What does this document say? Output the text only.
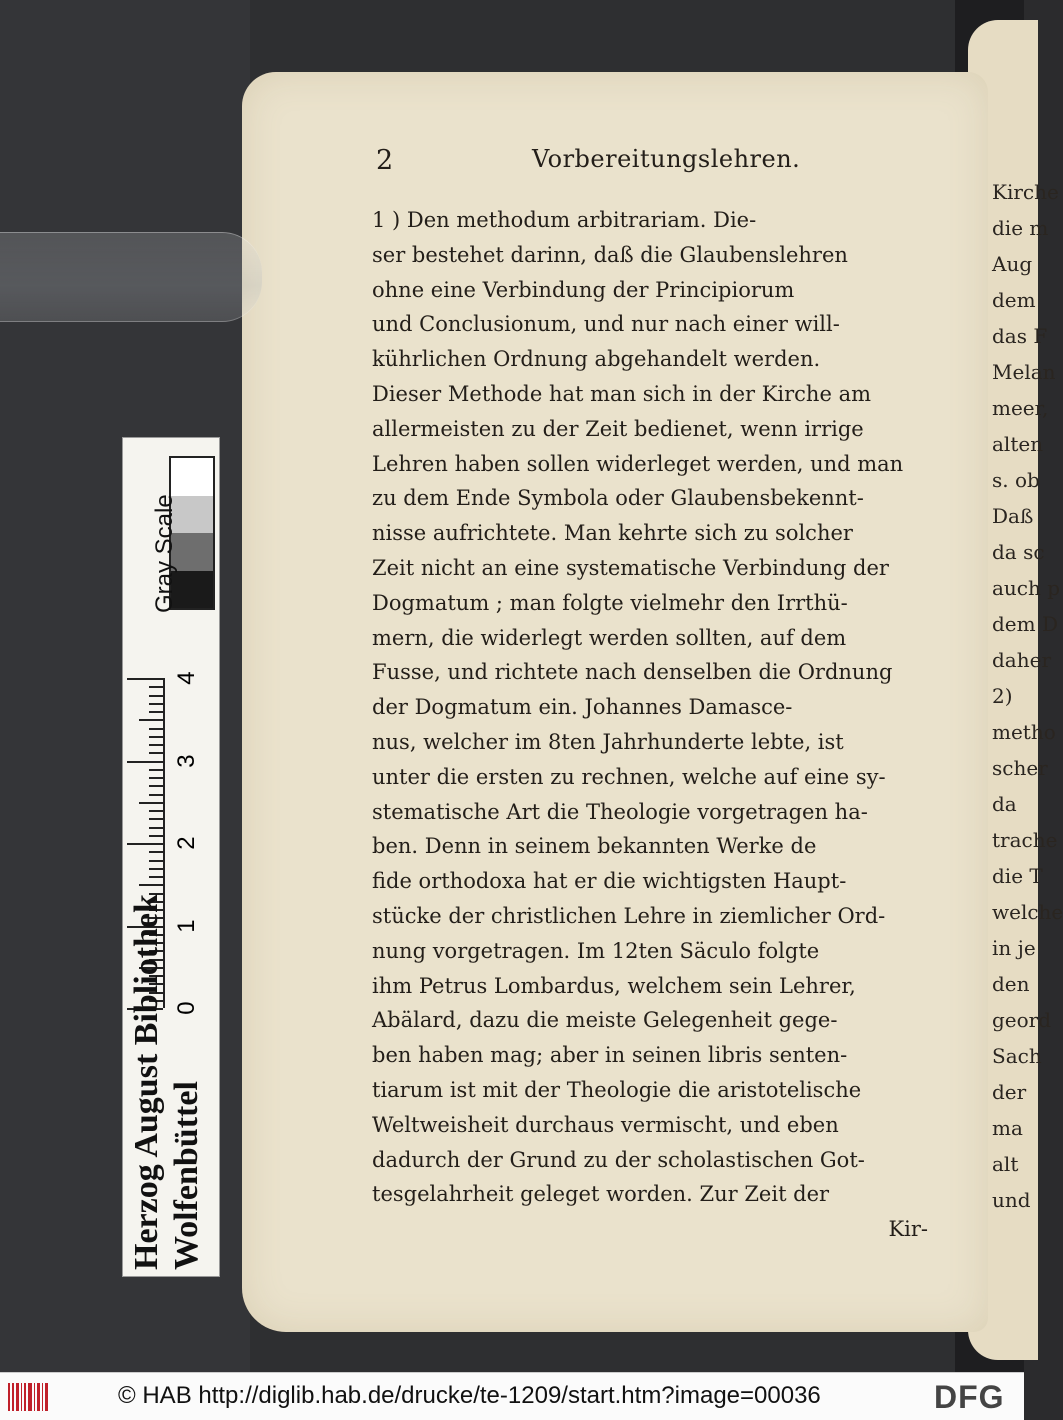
Kirche
die m
Aug
dem
das F
Melan
meer,
alten
s. ob
Daß
da sc
auch p
dem D
daher
2)
metho
scher
da
trache
die T
welche
in je
den
geord
Sach
der
ma
alt
und
2	Vorbereitungslehren.
1 ) Den methodum arbitrariam. Die-
ser bestehet darinn, daß die Glaubenslehren
ohne eine Verbindung der Principiorum
und Conclusionum, und nur nach einer will-
kührlichen Ordnung abgehandelt werden.
Dieser Methode hat man sich in der Kirche am
allermeisten zu der Zeit bedienet, wenn irrige
Lehren haben sollen widerleget werden, und man
zu dem Ende Symbola oder Glaubensbekennt-
nisse aufrichtete. Man kehrte sich zu solcher
Zeit nicht an eine systematische Verbindung der
Dogmatum ; man folgte vielmehr den Irrthü-
mern, die widerlegt werden sollten, auf dem
Fusse, und richtete nach denselben die Ordnung
der Dogmatum ein. Johannes Damasce-
nus, welcher im 8ten Jahrhunderte lebte, ist
unter die ersten zu rechnen, welche auf eine sy-
stematische Art die Theologie vorgetragen ha-
ben. Denn in seinem bekannten Werke de
fide orthodoxa hat er die wichtigsten Haupt-
stücke der christlichen Lehre in ziemlicher Ord-
nung vorgetragen. Im 12ten Säculo folgte
ihm Petrus Lombardus, welchem sein Lehrer,
Abälard, dazu die meiste Gelegenheit gege-
ben haben mag; aber in seinen libris senten-
tiarum ist mit der Theologie die aristotelische
Weltweisheit durchaus vermischt, und eben
dadurch der Grund zu der scholastischen Got-
tesgelahrheit geleget worden. Zur Zeit der
Kir-
Gray Scale
0
1
2
3
4
Herzog August Bibliothek Wolfenbüttel
© HAB http://diglib.hab.de/drucke/te-1209/start.htm?image=00036	DFG
